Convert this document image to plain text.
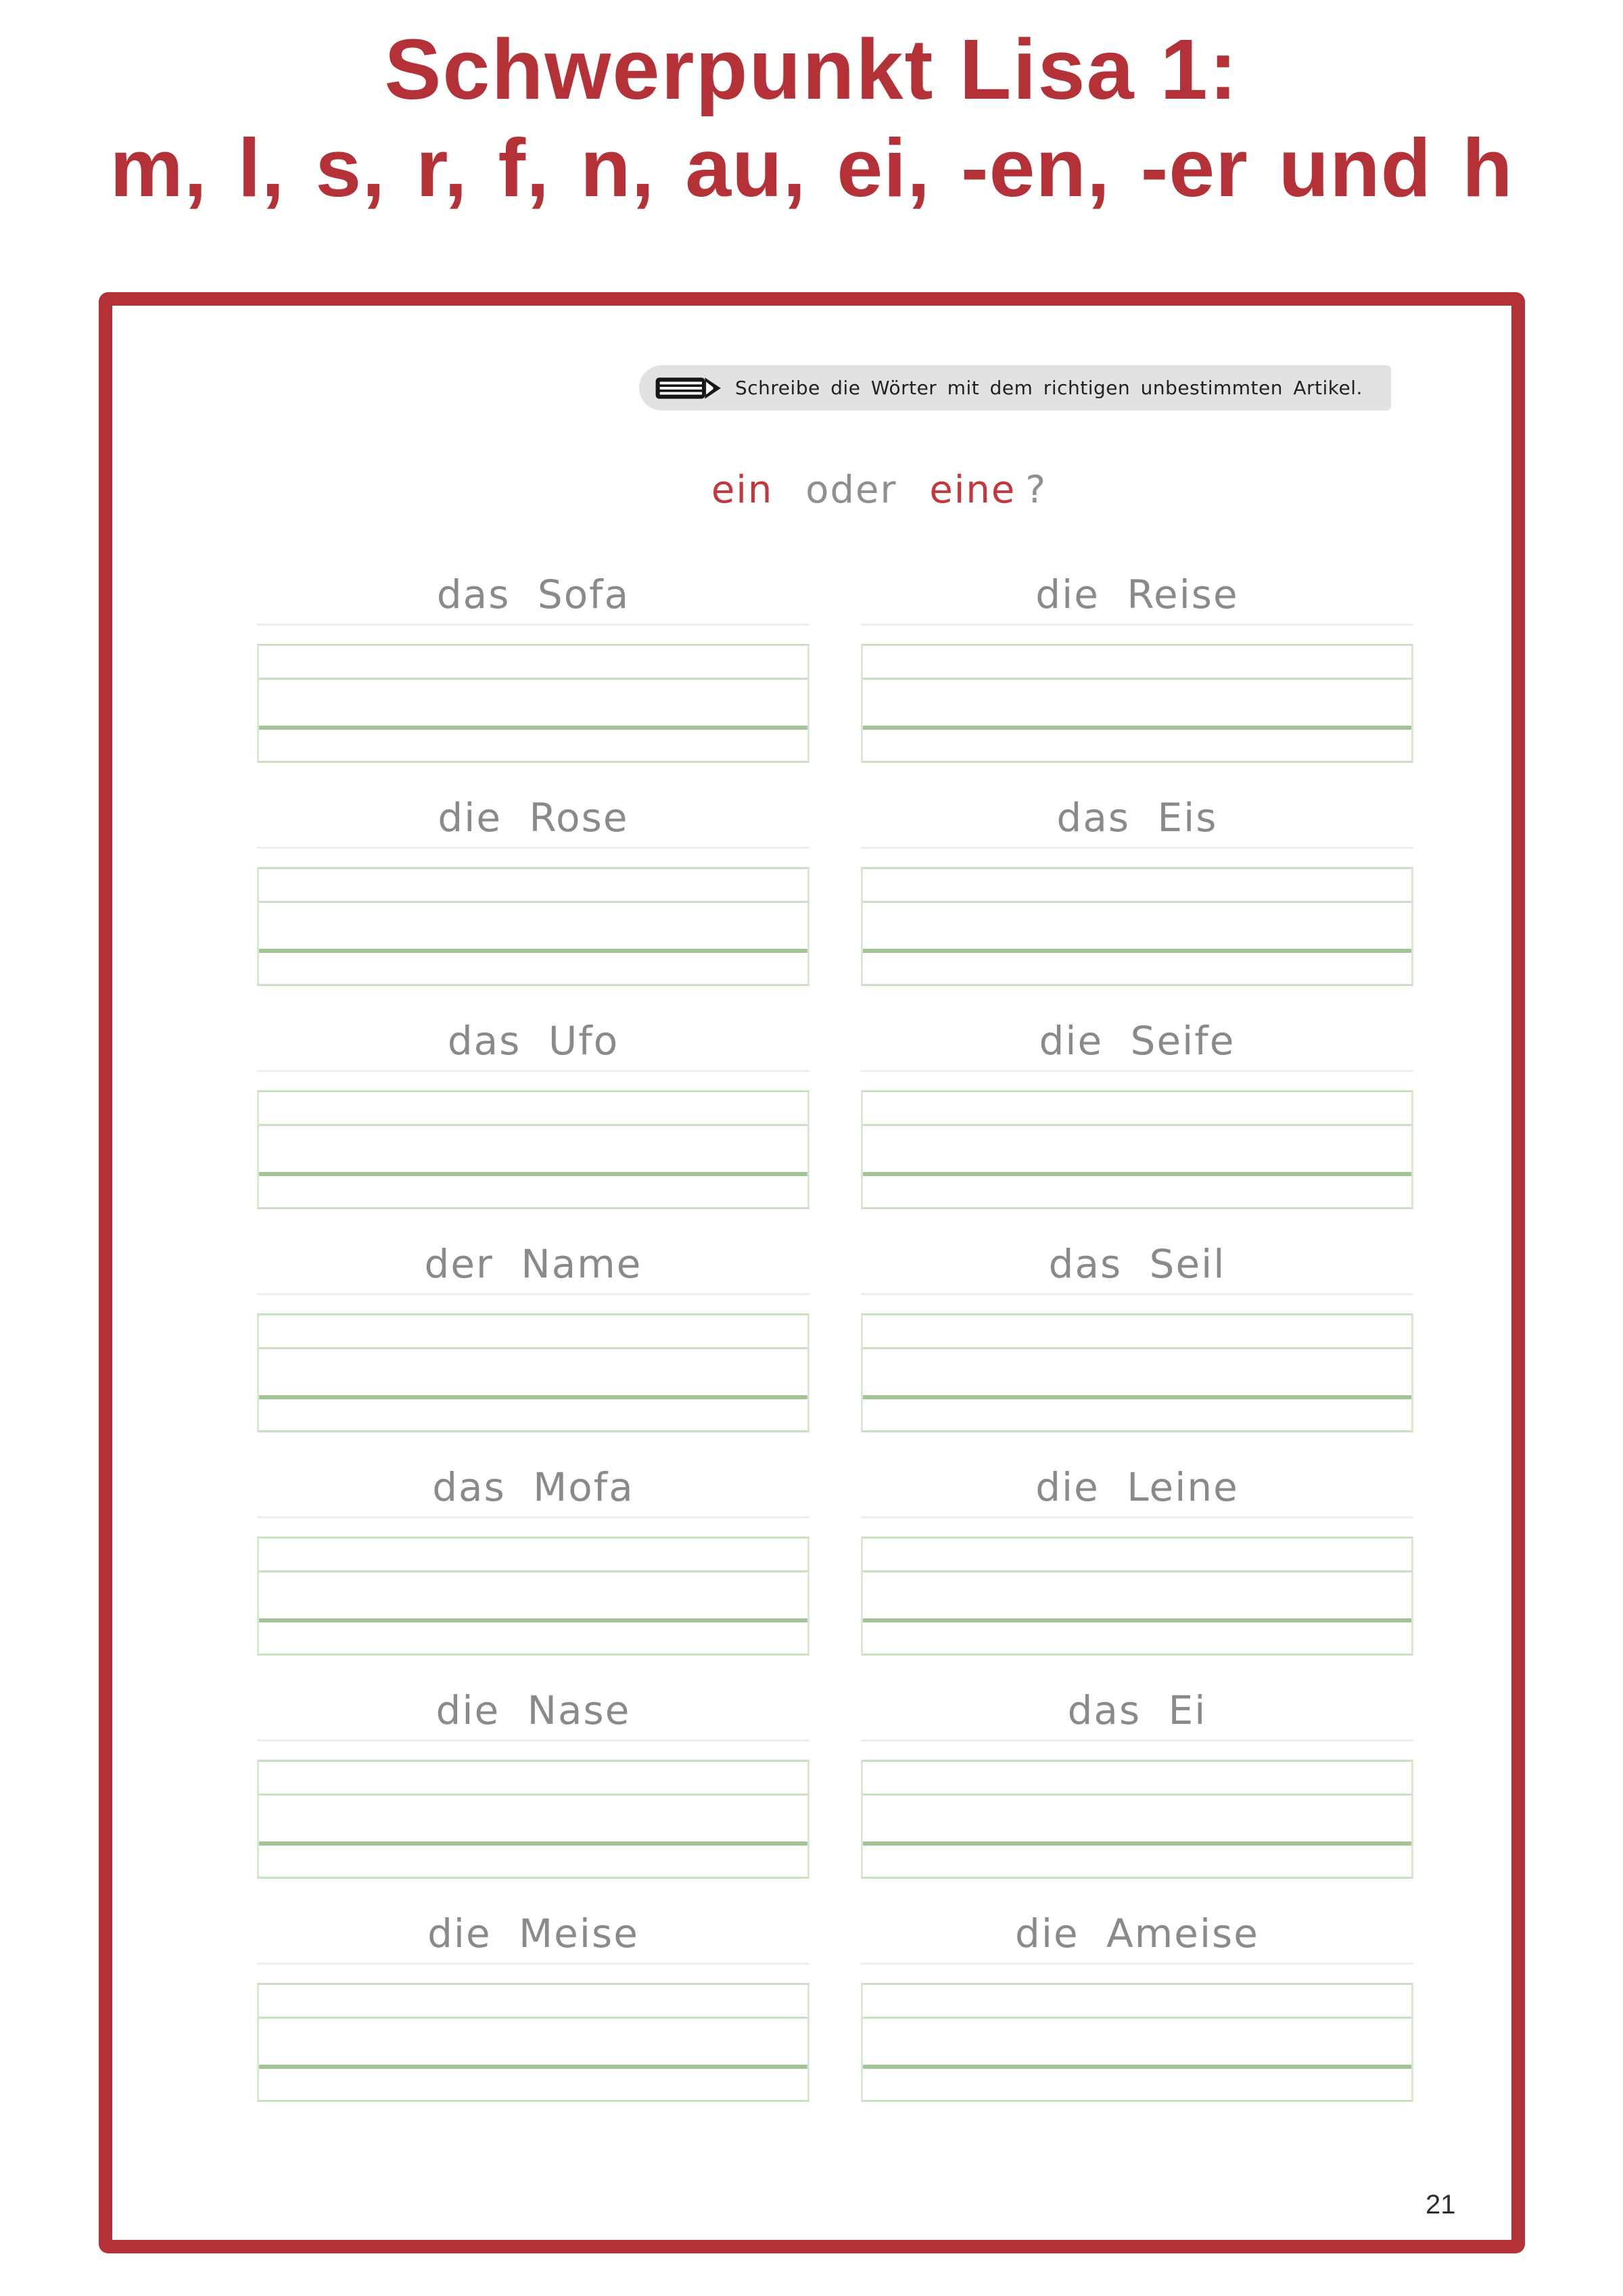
Schwerpunkt Lisa 1:
m, l, s, r, f, n, au, ei, -en, -er und h
Schreibe die Wörter mit dem richtigen unbestimmten Artikel.
ein oder eine ?
das Sofa	die Reise
die Rose	das Eis
das Ufo	die Seife
der Name	das Seil
das Mofa	die Leine
die Nase	das Ei
die Meise	die Ameise
21
